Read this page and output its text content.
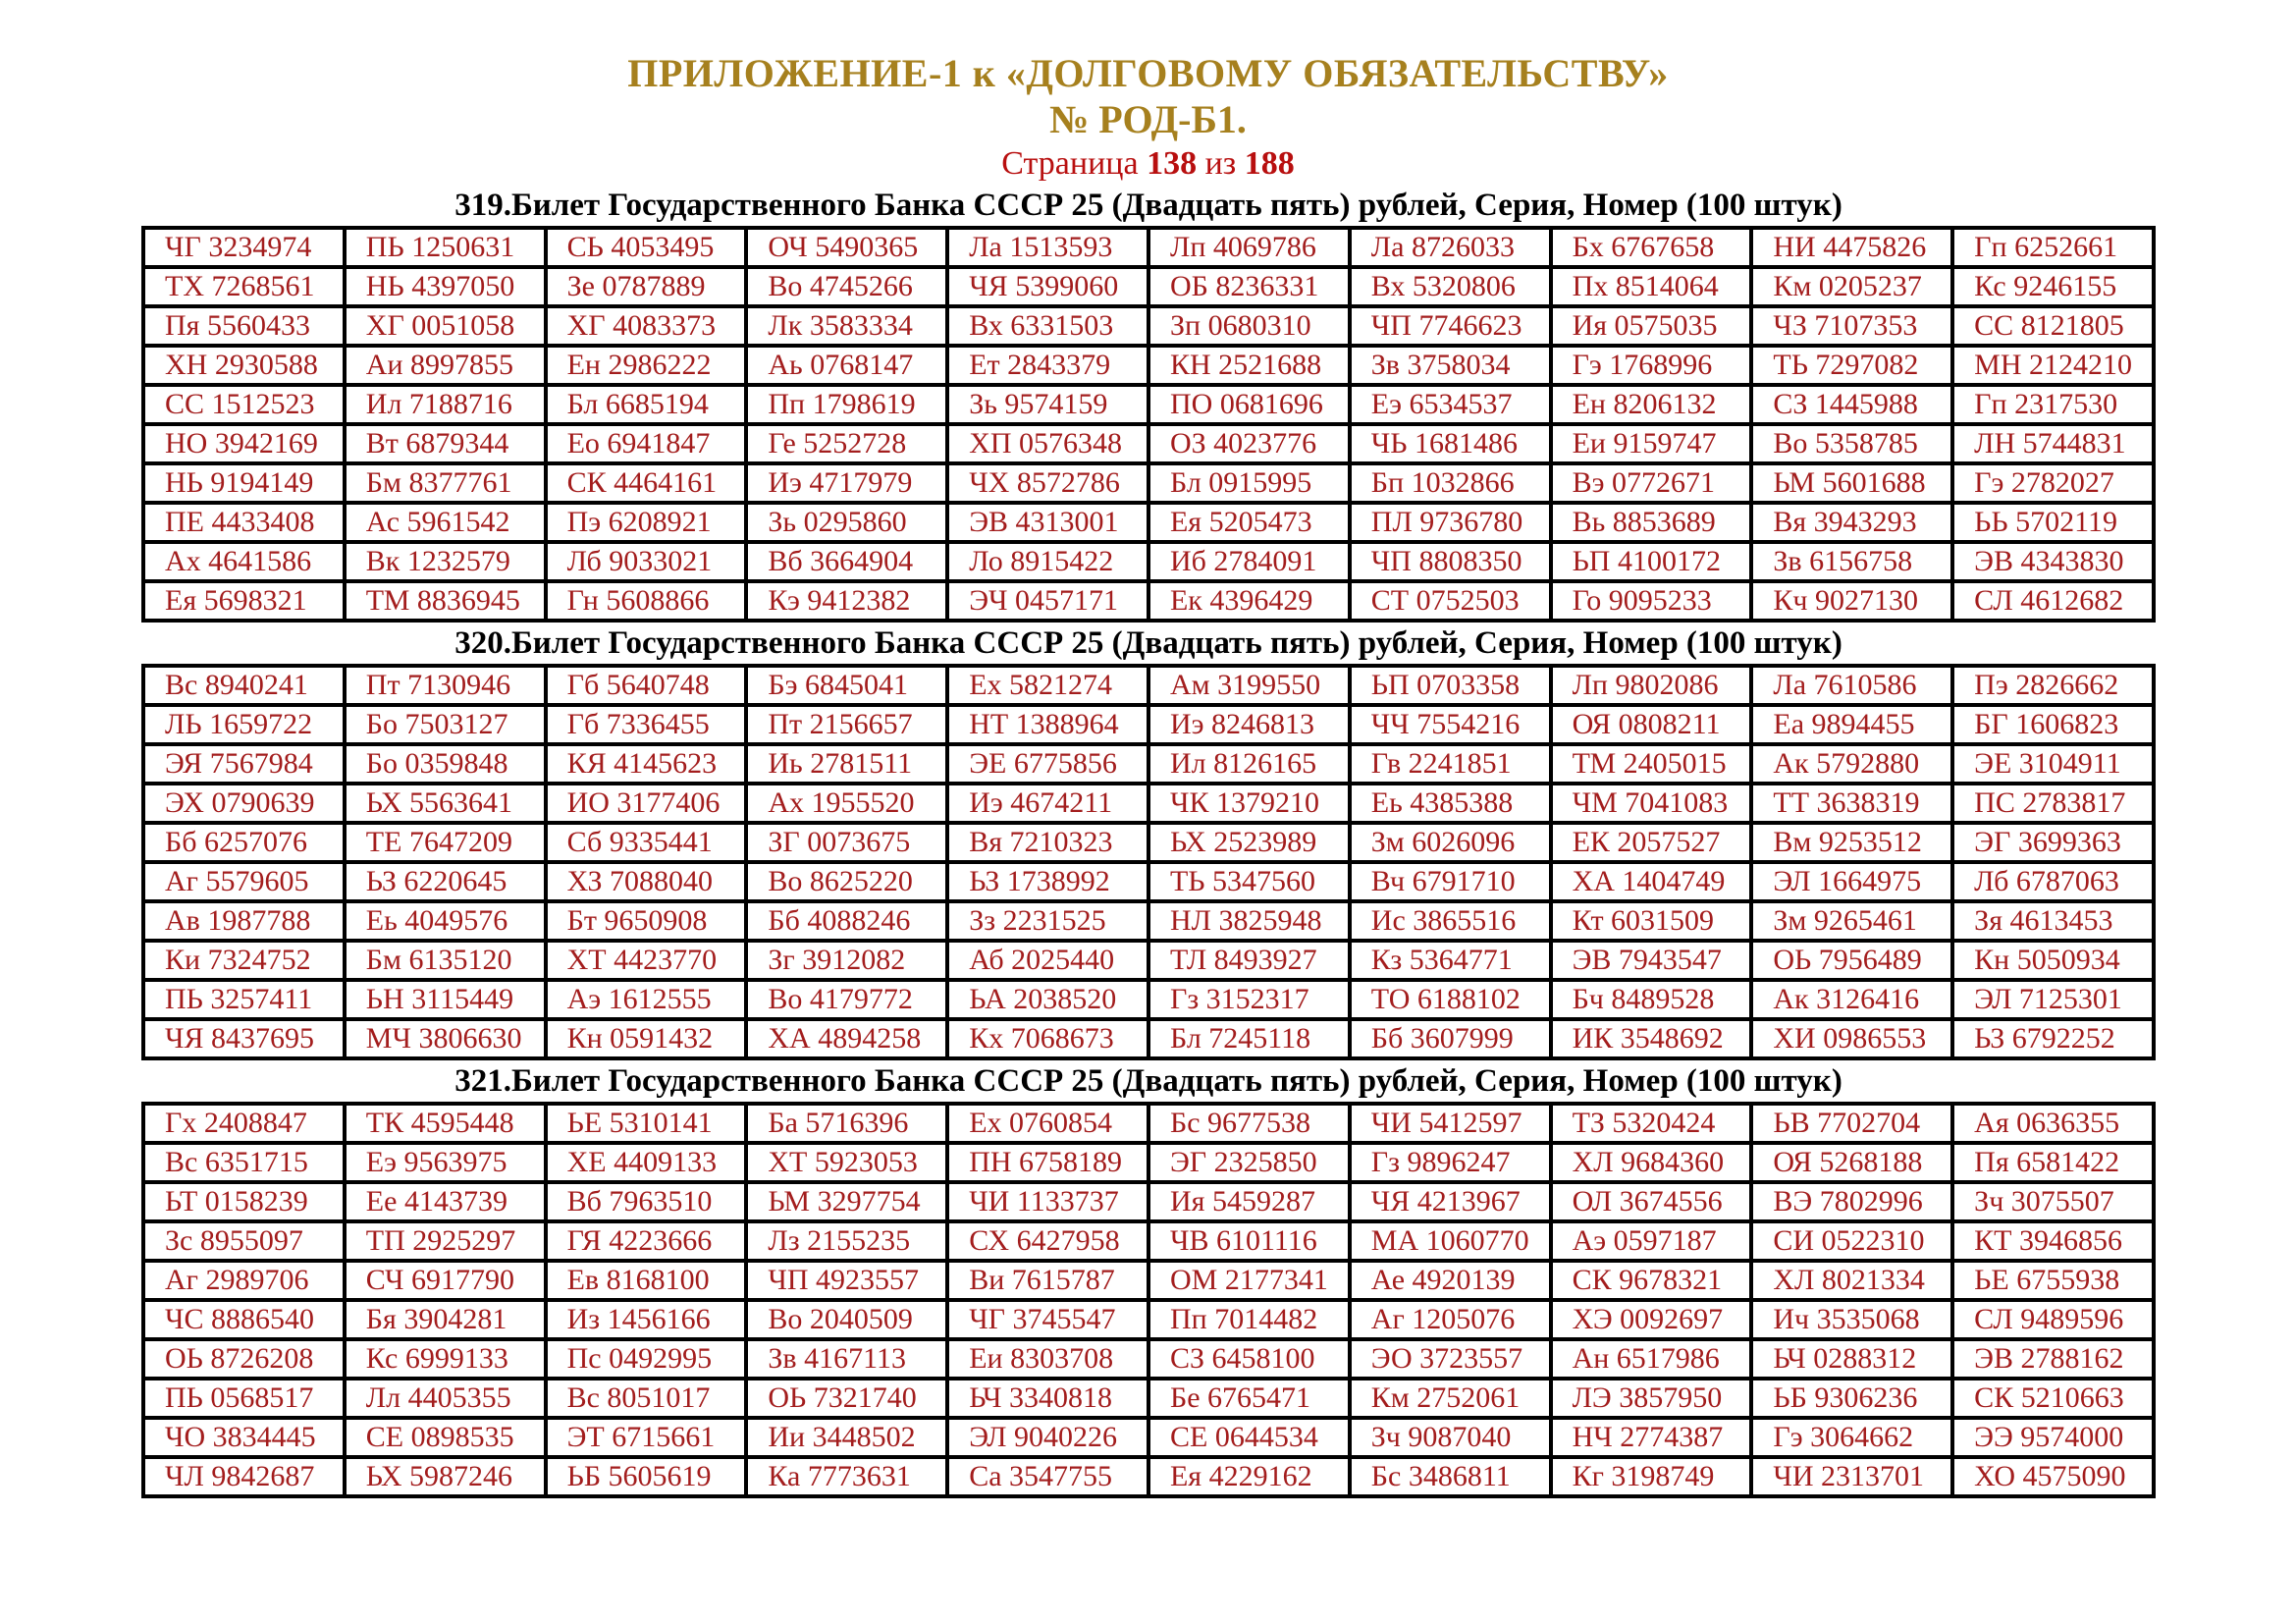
ПРИЛОЖЕНИЕ-1 к «ДОЛГОВОМУ ОБЯЗАТЕЛЬСТВУ»
№ РОД-Б1.
Страница 138 из 188
319.Билет Государственного Банка СССР 25 (Двадцать пять) рублей, Серия, Номер (100 штук)
ЧГ 3234974	ПЬ 1250631	СЬ 4053495	ОЧ 5490365	Ла 1513593	Лп 4069786	Ла 8726033	Бх 6767658	НИ 4475826	Гп 6252661
ТХ 7268561	НЬ 4397050	Зе 0787889	Во 4745266	ЧЯ 5399060	ОБ 8236331	Вх 5320806	Пх 8514064	Км 0205237	Кс 9246155
Пя 5560433	ХГ 0051058	ХГ 4083373	Лк 3583334	Вх 6331503	Зп 0680310	ЧП 7746623	Ия 0575035	ЧЗ 7107353	СС 8121805
ХН 2930588	Аи 8997855	Ен 2986222	Аь 0768147	Ет 2843379	КН 2521688	Зв 3758034	Гэ 1768996	ТЬ 7297082	МН 2124210
СС 1512523	Ил 7188716	Бл 6685194	Пп 1798619	Зь 9574159	ПО 0681696	Еэ 6534537	Ен 8206132	СЗ 1445988	Гп 2317530
НО 3942169	Вт 6879344	Ео 6941847	Ге 5252728	ХП 0576348	ОЗ 4023776	ЧЬ 1681486	Еи 9159747	Во 5358785	ЛН 5744831
НЬ 9194149	Бм 8377761	СК 4464161	Иэ 4717979	ЧХ 8572786	Бл 0915995	Бп 1032866	Вэ 0772671	ЬМ 5601688	Гэ 2782027
ПЕ 4433408	Ас 5961542	Пэ 6208921	Зь 0295860	ЭВ 4313001	Ея 5205473	ПЛ 9736780	Вь 8853689	Вя 3943293	ЬЬ 5702119
Ах 4641586	Вк 1232579	Лб 9033021	Вб 3664904	Ло 8915422	Иб 2784091	ЧП 8808350	ЬП 4100172	Зв 6156758	ЭВ 4343830
Ея 5698321	ТМ 8836945	Гн 5608866	Кэ 9412382	ЭЧ 0457171	Ек 4396429	СТ 0752503	Го 9095233	Кч 9027130	СЛ 4612682
320.Билет Государственного Банка СССР 25 (Двадцать пять) рублей, Серия, Номер (100 штук)
Вс 8940241	Пт 7130946	Гб 5640748	Бэ 6845041	Ех 5821274	Ам 3199550	ЬП 0703358	Лп 9802086	Ла 7610586	Пэ 2826662
ЛЬ 1659722	Бо 7503127	Гб 7336455	Пт 2156657	НТ 1388964	Иэ 8246813	ЧЧ 7554216	ОЯ 0808211	Еа 9894455	БГ 1606823
ЭЯ 7567984	Бо 0359848	КЯ 4145623	Иь 2781511	ЭЕ 6775856	Ил 8126165	Гв 2241851	ТМ 2405015	Ак 5792880	ЭЕ 3104911
ЭХ 0790639	ЬХ 5563641	ИО 3177406	Ах 1955520	Иэ 4674211	ЧК 1379210	Еь 4385388	ЧМ 7041083	ТТ 3638319	ПС 2783817
Бб 6257076	ТЕ 7647209	Сб 9335441	ЗГ 0073675	Вя 7210323	ЬХ 2523989	Зм 6026096	ЕК 2057527	Вм 9253512	ЭГ 3699363
Аг 5579605	ЬЗ 6220645	ХЗ 7088040	Во 8625220	ЬЗ 1738992	ТЬ 5347560	Вч 6791710	ХА 1404749	ЭЛ 1664975	Лб 6787063
Ав 1987788	Еь 4049576	Бт 9650908	Бб 4088246	Зз 2231525	НЛ 3825948	Ис 3865516	Кт 6031509	Зм 9265461	Зя 4613453
Ки 7324752	Бм 6135120	ХТ 4423770	Зг 3912082	Аб 2025440	ТЛ 8493927	Кз 5364771	ЭВ 7943547	ОЬ 7956489	Кн 5050934
ПЬ 3257411	ЬН 3115449	Аэ 1612555	Во 4179772	ЬА 2038520	Гз 3152317	ТО 6188102	Бч 8489528	Ак 3126416	ЭЛ 7125301
ЧЯ 8437695	МЧ 3806630	Кн 0591432	ХА 4894258	Кх 7068673	Бл 7245118	Бб 3607999	ИК 3548692	ХИ 0986553	ЬЗ 6792252
321.Билет Государственного Банка СССР 25 (Двадцать пять) рублей, Серия, Номер (100 штук)
Гх 2408847	ТК 4595448	ЬЕ 5310141	Ба 5716396	Ех 0760854	Бс 9677538	ЧИ 5412597	ТЗ 5320424	ЬВ 7702704	Ая 0636355
Вс 6351715	Еэ 9563975	ХЕ 4409133	ХТ 5923053	ПН 6758189	ЭГ 2325850	Гз 9896247	ХЛ 9684360	ОЯ 5268188	Пя 6581422
ЬТ 0158239	Ее 4143739	Вб 7963510	ЬМ 3297754	ЧИ 1133737	Ия 5459287	ЧЯ 4213967	ОЛ 3674556	ВЭ 7802996	Зч 3075507
Зс 8955097	ТП 2925297	ГЯ 4223666	Лз 2155235	СХ 6427958	ЧВ 6101116	МА 1060770	Аэ 0597187	СИ 0522310	КТ 3946856
Аг 2989706	СЧ 6917790	Ев 8168100	ЧП 4923557	Ви 7615787	ОМ 2177341	Ае 4920139	СК 9678321	ХЛ 8021334	ЬЕ 6755938
ЧС 8886540	Бя 3904281	Из 1456166	Во 2040509	ЧГ 3745547	Пп 7014482	Аг 1205076	ХЭ 0092697	Ич 3535068	СЛ 9489596
ОЬ 8726208	Кс 6999133	Пс 0492995	Зв 4167113	Еи 8303708	СЗ 6458100	ЭО 3723557	Ан 6517986	ЬЧ 0288312	ЭВ 2788162
ПЬ 0568517	Лл 4405355	Вс 8051017	ОЬ 7321740	ЬЧ 3340818	Бе 6765471	Км 2752061	ЛЭ 3857950	ЬБ 9306236	СК 5210663
ЧО 3834445	СЕ 0898535	ЭТ 6715661	Ии 3448502	ЭЛ 9040226	СЕ 0644534	Зч 9087040	НЧ 2774387	Гэ 3064662	ЭЭ 9574000
ЧЛ 9842687	ЬХ 5987246	ЬБ 5605619	Ка 7773631	Са 3547755	Ея 4229162	Бс 3486811	Кг 3198749	ЧИ 2313701	ХО 4575090
